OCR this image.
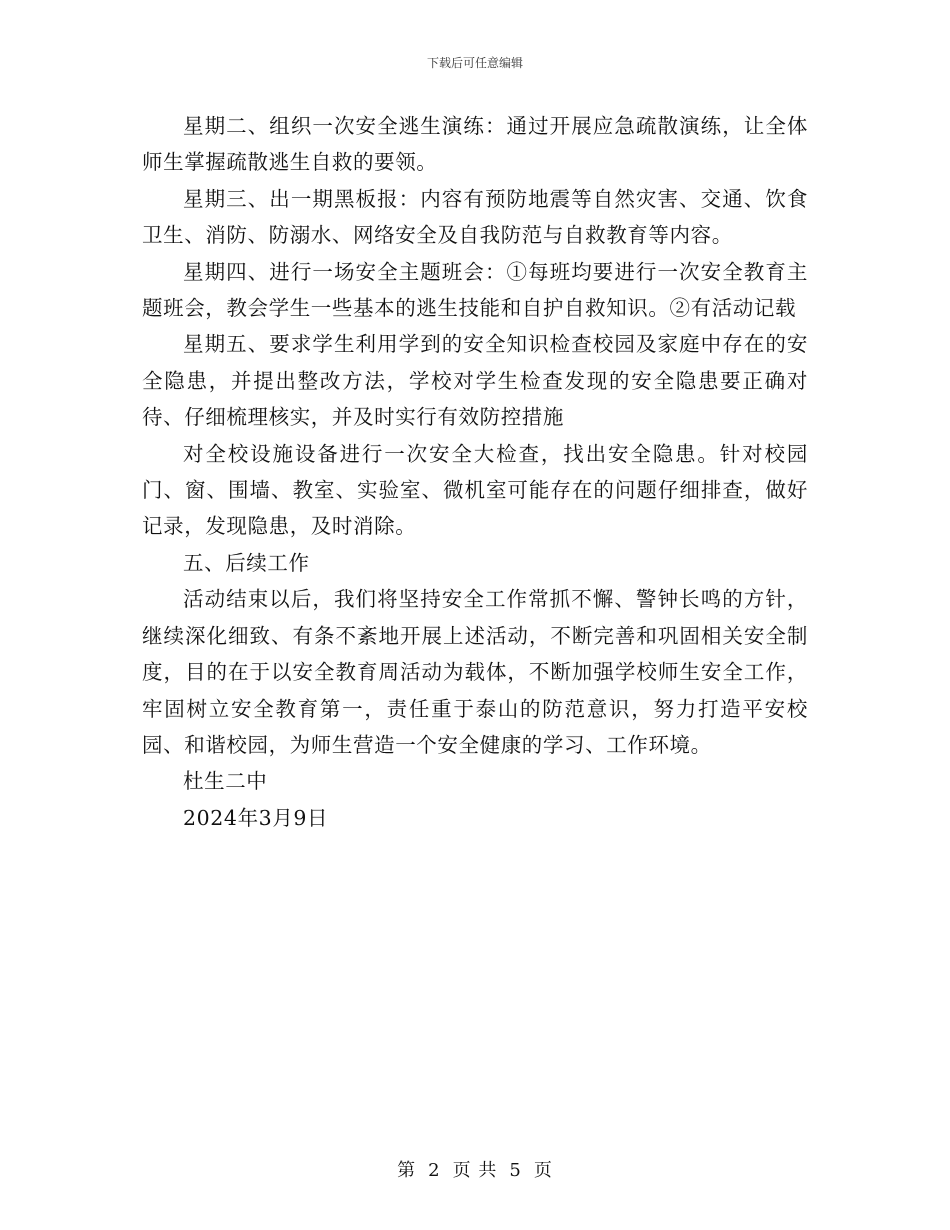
下载后可任意编辑

星期二、组织一次安全逃生演练：通过开展应急疏散演练，让全体师生掌握疏散逃生自救的要领。

星期三、出一期黑板报：内容有预防地震等自然灾害、交通、饮食卫生、消防、防溺水、网络安全及自我防范与自救教育等内容。

星期四、进行一场安全主题班会：①每班均要进行一次安全教育主题班会，教会学生一些基本的逃生技能和自护自救知识。②有活动记载

星期五、要求学生利用学到的安全知识检查校园及家庭中存在的安全隐患，并提出整改方法，学校对学生检查发现的安全隐患要正确对待、仔细梳理核实，并及时实行有效防控措施

对全校设施设备进行一次安全大检查，找出安全隐患。针对校园门、窗、围墙、教室、实验室、微机室可能存在的问题仔细排查，做好记录，发现隐患，及时消除。

五、后续工作

活动结束以后，我们将坚持安全工作常抓不懈、警钟长鸣的方针，继续深化细致、有条不紊地开展上述活动，不断完善和巩固相关安全制度，目的在于以安全教育周活动为载体，不断加强学校师生安全工作，牢固树立安全教育第一，责任重于泰山的防范意识，努力打造平安校园、和谐校园，为师生营造一个安全健康的学习、工作环境。

杜生二中

2024年3月9日

第 2 页 共 5 页
